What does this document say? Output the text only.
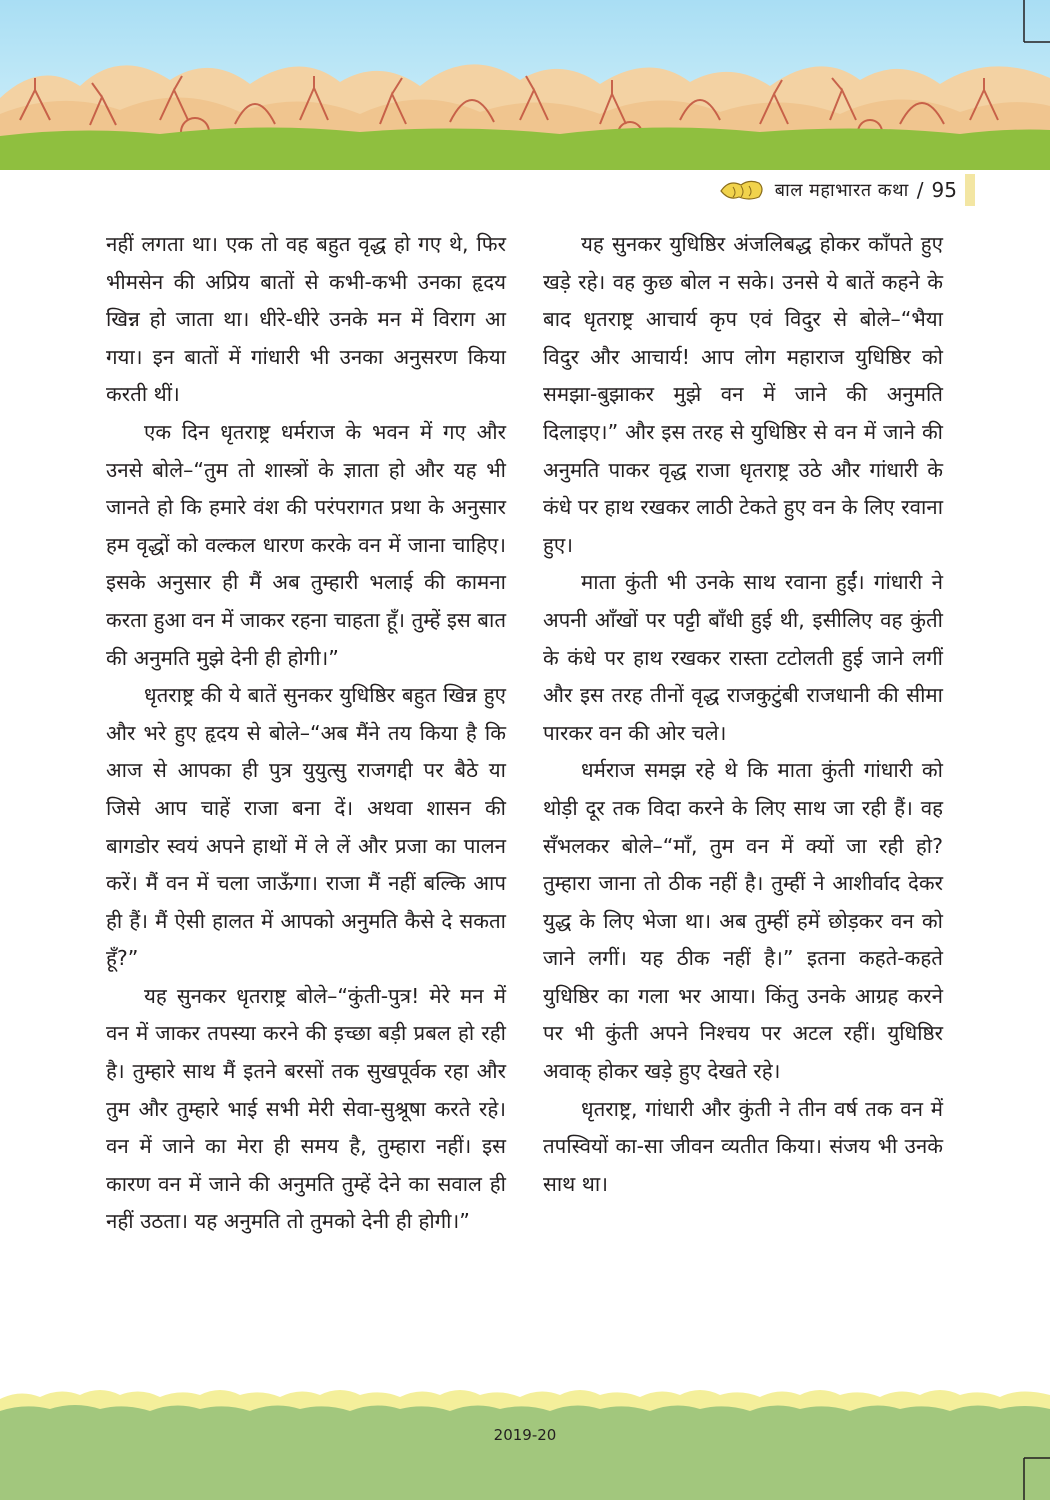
बाल महाभारत कथा / 95

नहीं लगता था। एक तो वह बहुत वृद्ध हो गए थे, फिर भीमसेन की अप्रिय बातों से कभी-कभी उनका हृदय खिन्न हो जाता था। धीरे-धीरे उनके मन में विराग आ गया। इन बातों में गांधारी भी उनका अनुसरण किया करती थीं।

एक दिन धृतराष्ट्र धर्मराज के भवन में गए और उनसे बोले–“तुम तो शास्त्रों के ज्ञाता हो और यह भी जानते हो कि हमारे वंश की परंपरागत प्रथा के अनुसार हम वृद्धों को वल्कल धारण करके वन में जाना चाहिए। इसके अनुसार ही मैं अब तुम्हारी भलाई की कामना करता हुआ वन में जाकर रहना चाहता हूँ। तुम्हें इस बात की अनुमति मुझे देनी ही होगी।”

धृतराष्ट्र की ये बातें सुनकर युधिष्ठिर बहुत खिन्न हुए और भरे हुए हृदय से बोले–“अब मैंने तय किया है कि आज से आपका ही पुत्र युयुत्सु राजगद्दी पर बैठे या जिसे आप चाहें राजा बना दें। अथवा शासन की बागडोर स्वयं अपने हाथों में ले लें और प्रजा का पालन करें। मैं वन में चला जाऊँगा। राजा मैं नहीं बल्कि आप ही हैं। मैं ऐसी हालत में आपको अनुमति कैसे दे सकता हूँ?”

यह सुनकर धृतराष्ट्र बोले–“कुंती-पुत्र! मेरे मन में वन में जाकर तपस्या करने की इच्छा बड़ी प्रबल हो रही है। तुम्हारे साथ मैं इतने बरसों तक सुखपूर्वक रहा और तुम और तुम्हारे भाई सभी मेरी सेवा-सुश्रूषा करते रहे। वन में जाने का मेरा ही समय है, तुम्हारा नहीं। इस कारण वन में जाने की अनुमति तुम्हें देने का सवाल ही नहीं उठता। यह अनुमति तो तुमको देनी ही होगी।”

यह सुनकर युधिष्ठिर अंजलिबद्ध होकर काँपते हुए खड़े रहे। वह कुछ बोल न सके। उनसे ये बातें कहने के बाद धृतराष्ट्र आचार्य कृप एवं विदुर से बोले–“भैया विदुर और आचार्य! आप लोग महाराज युधिष्ठिर को समझा-बुझाकर मुझे वन में जाने की अनुमति दिलाइए।” और इस तरह से युधिष्ठिर से वन में जाने की अनुमति पाकर वृद्ध राजा धृतराष्ट्र उठे और गांधारी के कंधे पर हाथ रखकर लाठी टेकते हुए वन के लिए रवाना हुए।

माता कुंती भी उनके साथ रवाना हुईं। गांधारी ने अपनी आँखों पर पट्टी बाँधी हुई थी, इसीलिए वह कुंती के कंधे पर हाथ रखकर रास्ता टटोलती हुई जाने लगीं और इस तरह तीनों वृद्ध राजकुटुंबी राजधानी की सीमा पारकर वन की ओर चले।

धर्मराज समझ रहे थे कि माता कुंती गांधारी को थोड़ी दूर तक विदा करने के लिए साथ जा रही हैं। वह सँभलकर बोले–“माँ, तुम वन में क्यों जा रही हो? तुम्हारा जाना तो ठीक नहीं है। तुम्हीं ने आशीर्वाद देकर युद्ध के लिए भेजा था। अब तुम्हीं हमें छोड़कर वन को जाने लगीं। यह ठीक नहीं है।” इतना कहते-कहते युधिष्ठिर का गला भर आया। किंतु उनके आग्रह करने पर भी कुंती अपने निश्चय पर अटल रहीं। युधिष्ठिर अवाक् होकर खड़े हुए देखते रहे।

धृतराष्ट्र, गांधारी और कुंती ने तीन वर्ष तक वन में तपस्वियों का-सा जीवन व्यतीत किया। संजय भी उनके साथ था।

2019-20
